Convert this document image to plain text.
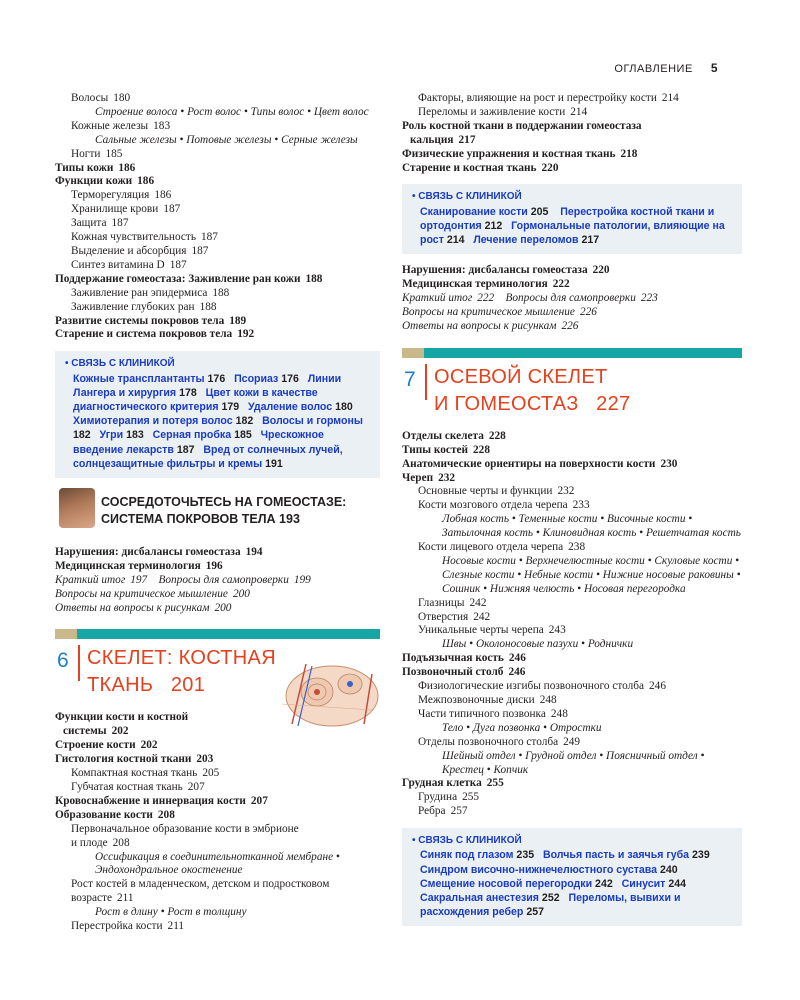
ОГЛАВЛЕНИЕ 5
Волосы 180
Строение волоса • Рост волос • Типы волос • Цвет волос
Кожные железы 183
Сальные железы • Потовые железы • Серные железы
Ногти 185
Типы кожи 186
Функции кожи 186
Терморегуляция 186
Хранилище крови 187
Защита 187
Кожная чувствительность 187
Выделение и абсорбция 187
Синтез витамина D 187
Поддержание гомеостаза: Заживление ран кожи 188
Заживление ран эпидермиса 188
Заживление глубоких ран 188
Развитие системы покровов тела 189
Старение и система покровов тела 192
• СВЯЗЬ С КЛИНИКОЙ
Кожные трансплантанты 176 Псориаз 176 Линии Лангера и хирургия 178 Цвет кожи в качестве диагностического критерия 179 Удаление волос 180 Химиотерапия и потеря волос 182 Волосы и гормоны 182 Угри 183 Серная пробка 185 Чрескожное введение лекарств 187 Вред от солнечных лучей, солнцезащитные фильтры и кремы 191
СОСРЕДОТОЧЬТЕСЬ НА ГОМЕОСТАЗЕ:
СИСТЕМА ПОКРОВОВ ТЕЛА 193
Нарушения: дисбалансы гомеостаза 194
Медицинская терминология 196
Краткий итог 197 Вопросы для самопроверки 199
Вопросы на критическое мышление 200
Ответы на вопросы к рисункам 200
6 СКЕЛЕТ: КОСТНАЯ
ТКАНЬ 201
Функции кости и костной
системы 202
Строение кости 202
Гистология костной ткани 203
Компактная костная ткань 205
Губчатая костная ткань 207
Кровоснабжение и иннервация кости 207
Образование кости 208
Первоначальное образование кости в эмбрионе
и плоде 208
Оссификация в соединительнотканной мембране • Эндохондральное окостенение
Рост костей в младенческом, детском и подростковом
возрасте 211
Рост в длину • Рост в толщину
Перестройка кости 211
Факторы, влияющие на рост и перестройку кости 214
Переломы и заживление кости 214
Роль костной ткани в поддержании гомеостаза
кальция 217
Физические упражнения и костная ткань 218
Старение и костная ткань 220
• СВЯЗЬ С КЛИНИКОЙ
Сканирование кости 205 Перестройка костной ткани и ортодонтия 212 Гормональные патологии, влияющие на рост 214 Лечение переломов 217
Нарушения: дисбалансы гомеостаза 220
Медицинская терминология 222
Краткий итог 222 Вопросы для самопроверки 223
Вопросы на критическое мышление 226
Ответы на вопросы к рисункам 226
7 ОСЕВОЙ СКЕЛЕТ
И ГОМЕОСТАЗ 227
Отделы скелета 228
Типы костей 228
Анатомические ориентиры на поверхности кости 230
Череп 232
Основные черты и функции 232
Кости мозгового отдела черепа 233
Лобная кость • Теменные кости • Височные кости • Затылочная кость • Клиновидная кость • Решетчатая кость
Кости лицевого отдела черепа 238
Носовые кости • Верхнечелюстные кости • Скуловые кости • Слезные кости • Небные кости • Нижние носовые раковины • Сошник • Нижняя челюсть • Носовая перегородка
Глазницы 242
Отверстия 242
Уникальные черты черепа 243
Швы • Околоносовые пазухи • Роднички
Подъязычная кость 246
Позвоночный столб 246
Физиологические изгибы позвоночного столба 246
Межпозвоночные диски 248
Части типичного позвонка 248
Тело • Дуга позвонка • Отростки
Отделы позвоночного столба 249
Шейный отдел • Грудной отдел • Поясничный отдел • Крестец • Копчик
Грудная клетка 255
Грудина 255
Ребра 257
• СВЯЗЬ С КЛИНИКОЙ
Синяк под глазом 235 Волчья пасть и заячья губа 239 Синдром височно-нижнечелюстного сустава 240 Смещение носовой перегородки 242 Синусит 244 Сакральная анестезия 252 Переломы, вывихи и расхождения ребер 257
